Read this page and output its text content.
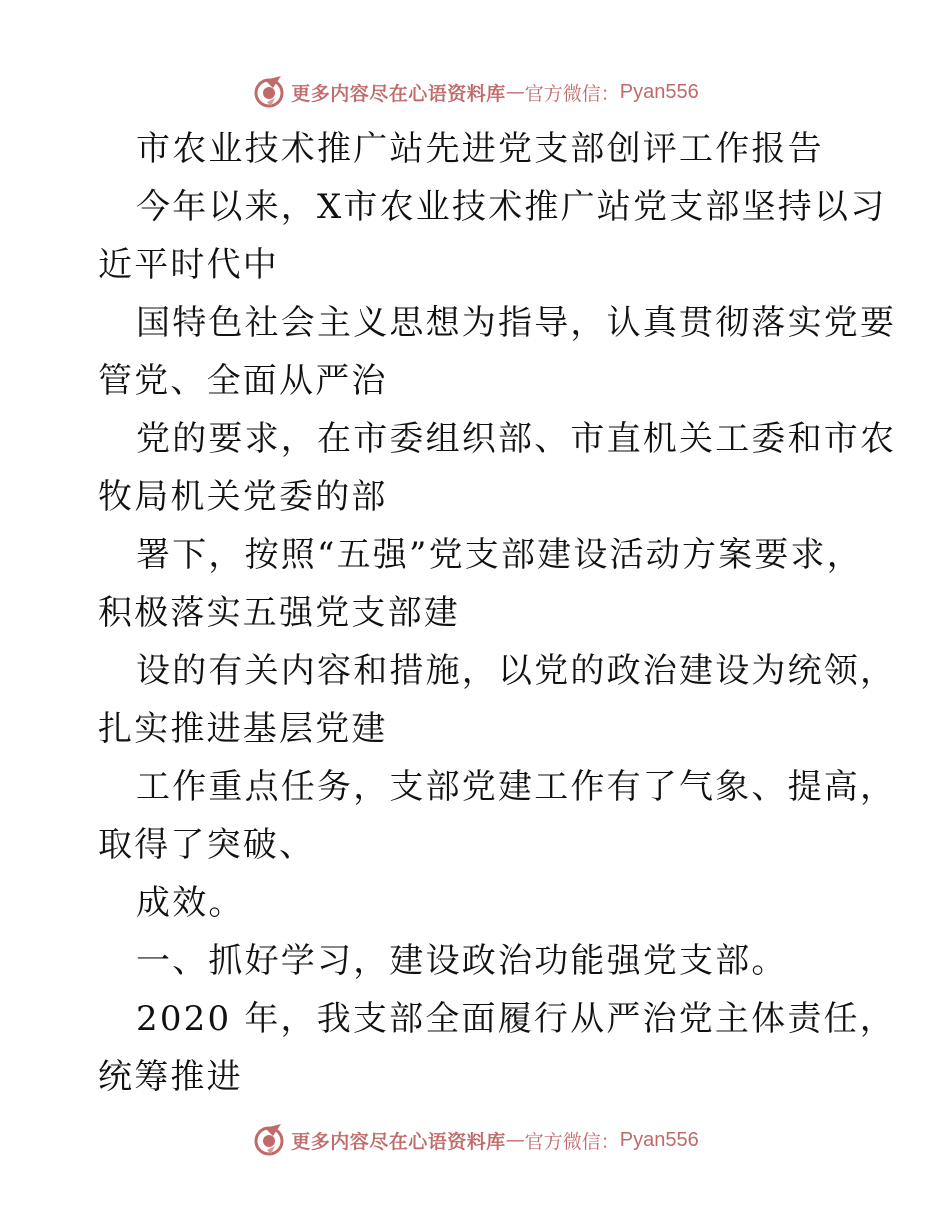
更多内容尽在心语资料库 — 官方微信： Pyan556
市农业技术推广站先进党支部创评工作报告
今年以来，X市农业技术推广站党支部坚持以习
近平时代中
国特色社会主义思想为指导，认真贯彻落实党要
管党、全面从严治
党的要求，在市委组织部、市直机关工委和市农
牧局机关党委的部
署下，按照“五强”党支部建设活动方案要求，
积极落实五强党支部建
设的有关内容和措施，以党的政治建设为统领，
扎实推进基层党建
工作重点任务，支部党建工作有了气象、提高，
取得了突破、
成效。
一、抓好学习，建设政治功能强党支部。
2020 年，我支部全面履行从严治党主体责任，
统筹推进
更多内容尽在心语资料库 — 官方微信： Pyan556
